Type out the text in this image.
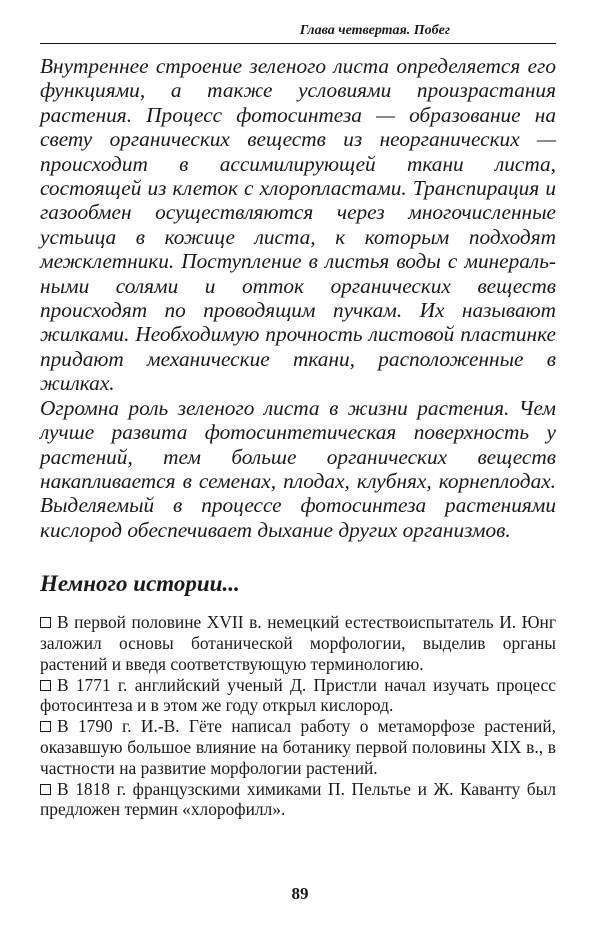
Глава четвертая. Побег

Внутреннее строение зеленого листа определяется его функциями, а также условиями произрастания растения. Процесс фотосинтеза — образование на свету органических веществ из неорганических — происходит в ассимилирующей ткани листа, состоящей из клеток с хлоропластами. Транспирация и газообмен осуществляются через многочисленные устьица в кожице листа, к которым подходят межклетники. Поступление в листья воды с минеральными солями и отток органических веществ происходят по проводящим пучкам. Их называют жилками. Необходимую прочность листовой пластинке придают механические ткани, расположенные в жилках.

Огромна роль зеленого листа в жизни растения. Чем лучше развита фотосинтетическая поверхность у растений, тем больше органических веществ накапливается в семенах, плодах, клубнях, корнеплодах. Выделяемый в процессе фотосинтеза растениями кислород обеспечивает дыхание других организмов.

Немного истории...

В первой половине XVII в. немецкий естествоиспытатель И. Юнг заложил основы ботанической морфологии, выделив органы растений и введя соответствующую терминологию.

В 1771 г. английский ученый Д. Пристли начал изучать процесс фотосинтеза и в этом же году открыл кислород.

В 1790 г. И.-В. Гёте написал работу о метаморфозе растений, оказавшую большое влияние на ботанику первой половины XIX в., в частности на развитие морфологии растений.

В 1818 г. французскими химиками П. Пельтье и Ж. Каванту был предложен термин «хлорофилл».

89
